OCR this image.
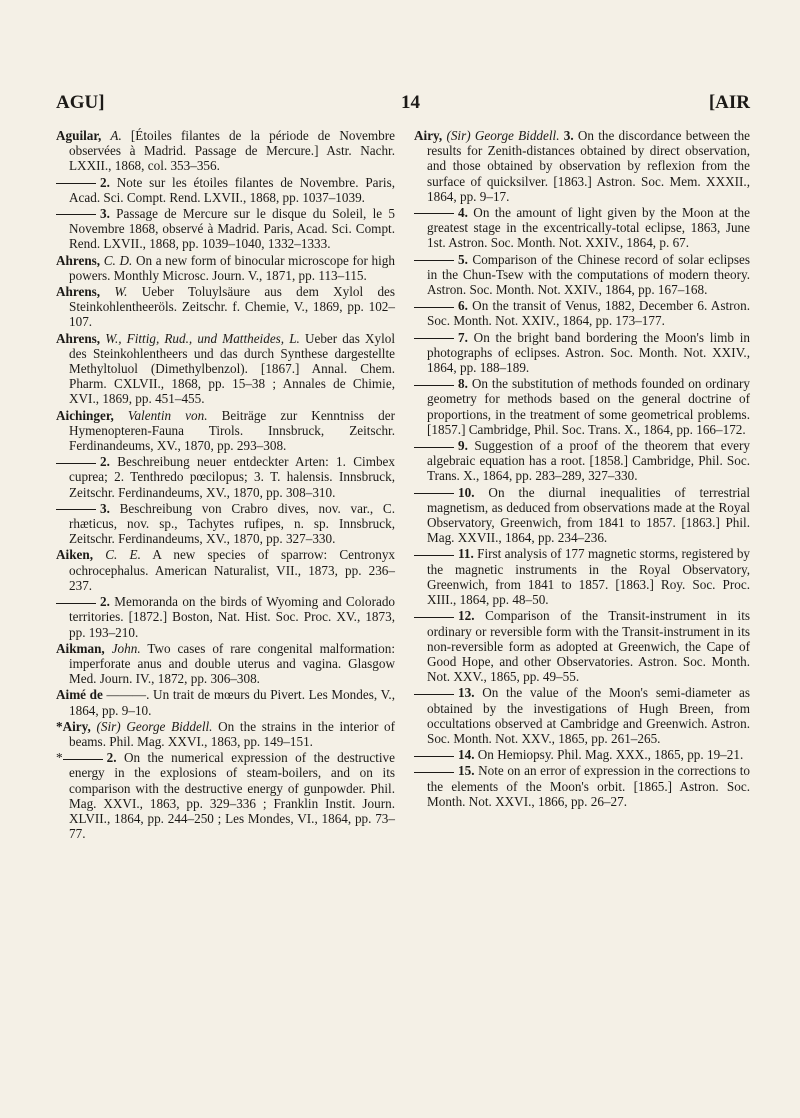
AGU]	14	[AIR

Aguilar, A. [Étoiles filantes de la période de Novembre observées à Madrid. Passage de Mercure.] Astr. Nachr. LXXII., 1868, col. 353–356.

2. Note sur les étoiles filantes de Novembre. Paris, Acad. Sci. Compt. Rend. LXVII., 1868, pp. 1037–1039.

3. Passage de Mercure sur le disque du Soleil, le 5 Novembre 1868, observé à Madrid. Paris, Acad. Sci. Compt. Rend. LXVII., 1868, pp. 1039–1040, 1332–1333.

Ahrens, C. D. On a new form of binocular microscope for high powers. Monthly Microsc. Journ. V., 1871, pp. 113–115.

Ahrens, W. Ueber Toluylsäure aus dem Xylol des Steinkohlentheeröls. Zeitschr. f. Chemie, V., 1869, pp. 102–107.

Ahrens, W., Fittig, Rud., und Mattheides, L. Ueber das Xylol des Steinkohlentheers und das durch Synthese dargestellte Methyltoluol (Dimethylbenzol). [1867.] Annal. Chem. Pharm. CXLVII., 1868, pp. 15–38 ; Annales de Chimie, XVI., 1869, pp. 451–455.

Aichinger, Valentin von. Beiträge zur Kenntniss der Hymenopteren-Fauna Tirols. Innsbruck, Zeitschr. Ferdinandeums, XV., 1870, pp. 293–308.

2. Beschreibung neuer entdeckter Arten: 1. Cimbex cuprea; 2. Tenthredo pœcilopus; 3. T. halensis. Innsbruck, Zeitschr. Ferdinandeums, XV., 1870, pp. 308–310.

3. Beschreibung von Crabro dives, nov. var., C. rhæticus, nov. sp., Tachytes rufipes, n. sp. Innsbruck, Zeitschr. Ferdinandeums, XV., 1870, pp. 327–330.

Aiken, C. E. A new species of sparrow: Centronyx ochrocephalus. American Naturalist, VII., 1873, pp. 236–237.

2. Memoranda on the birds of Wyoming and Colorado territories. [1872.] Boston, Nat. Hist. Soc. Proc. XV., 1873, pp. 193–210.

Aikman, John. Two cases of rare congenital malformation: imperforate anus and double uterus and vagina. Glasgow Med. Journ. IV., 1872, pp. 306–308.

Aimé de ———. Un trait de mœurs du Pivert. Les Mondes, V., 1864, pp. 9–10.

*Airy, (Sir) George Biddell. On the strains in the interior of beams. Phil. Mag. XXVI., 1863, pp. 149–151.

*	2. On the numerical expression of the destructive energy in the explosions of steam-boilers, and on its comparison with the destructive energy of gunpowder. Phil. Mag. XXVI., 1863, pp. 329–336 ; Franklin Instit. Journ. XLVII., 1864, pp. 244–250 ; Les Mondes, VI., 1864, pp. 73–77.

Airy, (Sir) George Biddell. 3. On the discordance between the results for Zenith-distances obtained by direct observation, and those obtained by observation by reflexion from the surface of quicksilver. [1863.] Astron. Soc. Mem. XXXII., 1864, pp. 9–17.

4. On the amount of light given by the Moon at the greatest stage in the excentrically-total eclipse, 1863, June 1st. Astron. Soc. Month. Not. XXIV., 1864, p. 67.

5. Comparison of the Chinese record of solar eclipses in the Chun-Tsew with the computations of modern theory. Astron. Soc. Month. Not. XXIV., 1864, pp. 167–168.

6. On the transit of Venus, 1882, December 6. Astron. Soc. Month. Not. XXIV., 1864, pp. 173–177.

7. On the bright band bordering the Moon's limb in photographs of eclipses. Astron. Soc. Month. Not. XXIV., 1864, pp. 188–189.

8. On the substitution of methods founded on ordinary geometry for methods based on the general doctrine of proportions, in the treatment of some geometrical problems. [1857.] Cambridge, Phil. Soc. Trans. X., 1864, pp. 166–172.

9. Suggestion of a proof of the theorem that every algebraic equation has a root. [1858.] Cambridge, Phil. Soc. Trans. X., 1864, pp. 283–289, 327–330.

10. On the diurnal inequalities of terrestrial magnetism, as deduced from observations made at the Royal Observatory, Greenwich, from 1841 to 1857. [1863.] Phil. Mag. XXVII., 1864, pp. 234–236.

11. First analysis of 177 magnetic storms, registered by the magnetic instruments in the Royal Observatory, Greenwich, from 1841 to 1857. [1863.] Roy. Soc. Proc. XIII., 1864, pp. 48–50.

12. Comparison of the Transit-instrument in its ordinary or reversible form with the Transit-instrument in its non-reversible form as adopted at Greenwich, the Cape of Good Hope, and other Observatories. Astron. Soc. Month. Not. XXV., 1865, pp. 49–55.

13. On the value of the Moon's semi-diameter as obtained by the investigations of Hugh Breen, from occultations observed at Cambridge and Greenwich. Astron. Soc. Month. Not. XXV., 1865, pp. 261–265.

14. On Hemiopsy. Phil. Mag. XXX., 1865, pp. 19–21.

15. Note on an error of expression in the corrections to the elements of the Moon's orbit. [1865.] Astron. Soc. Month. Not. XXVI., 1866, pp. 26–27.
